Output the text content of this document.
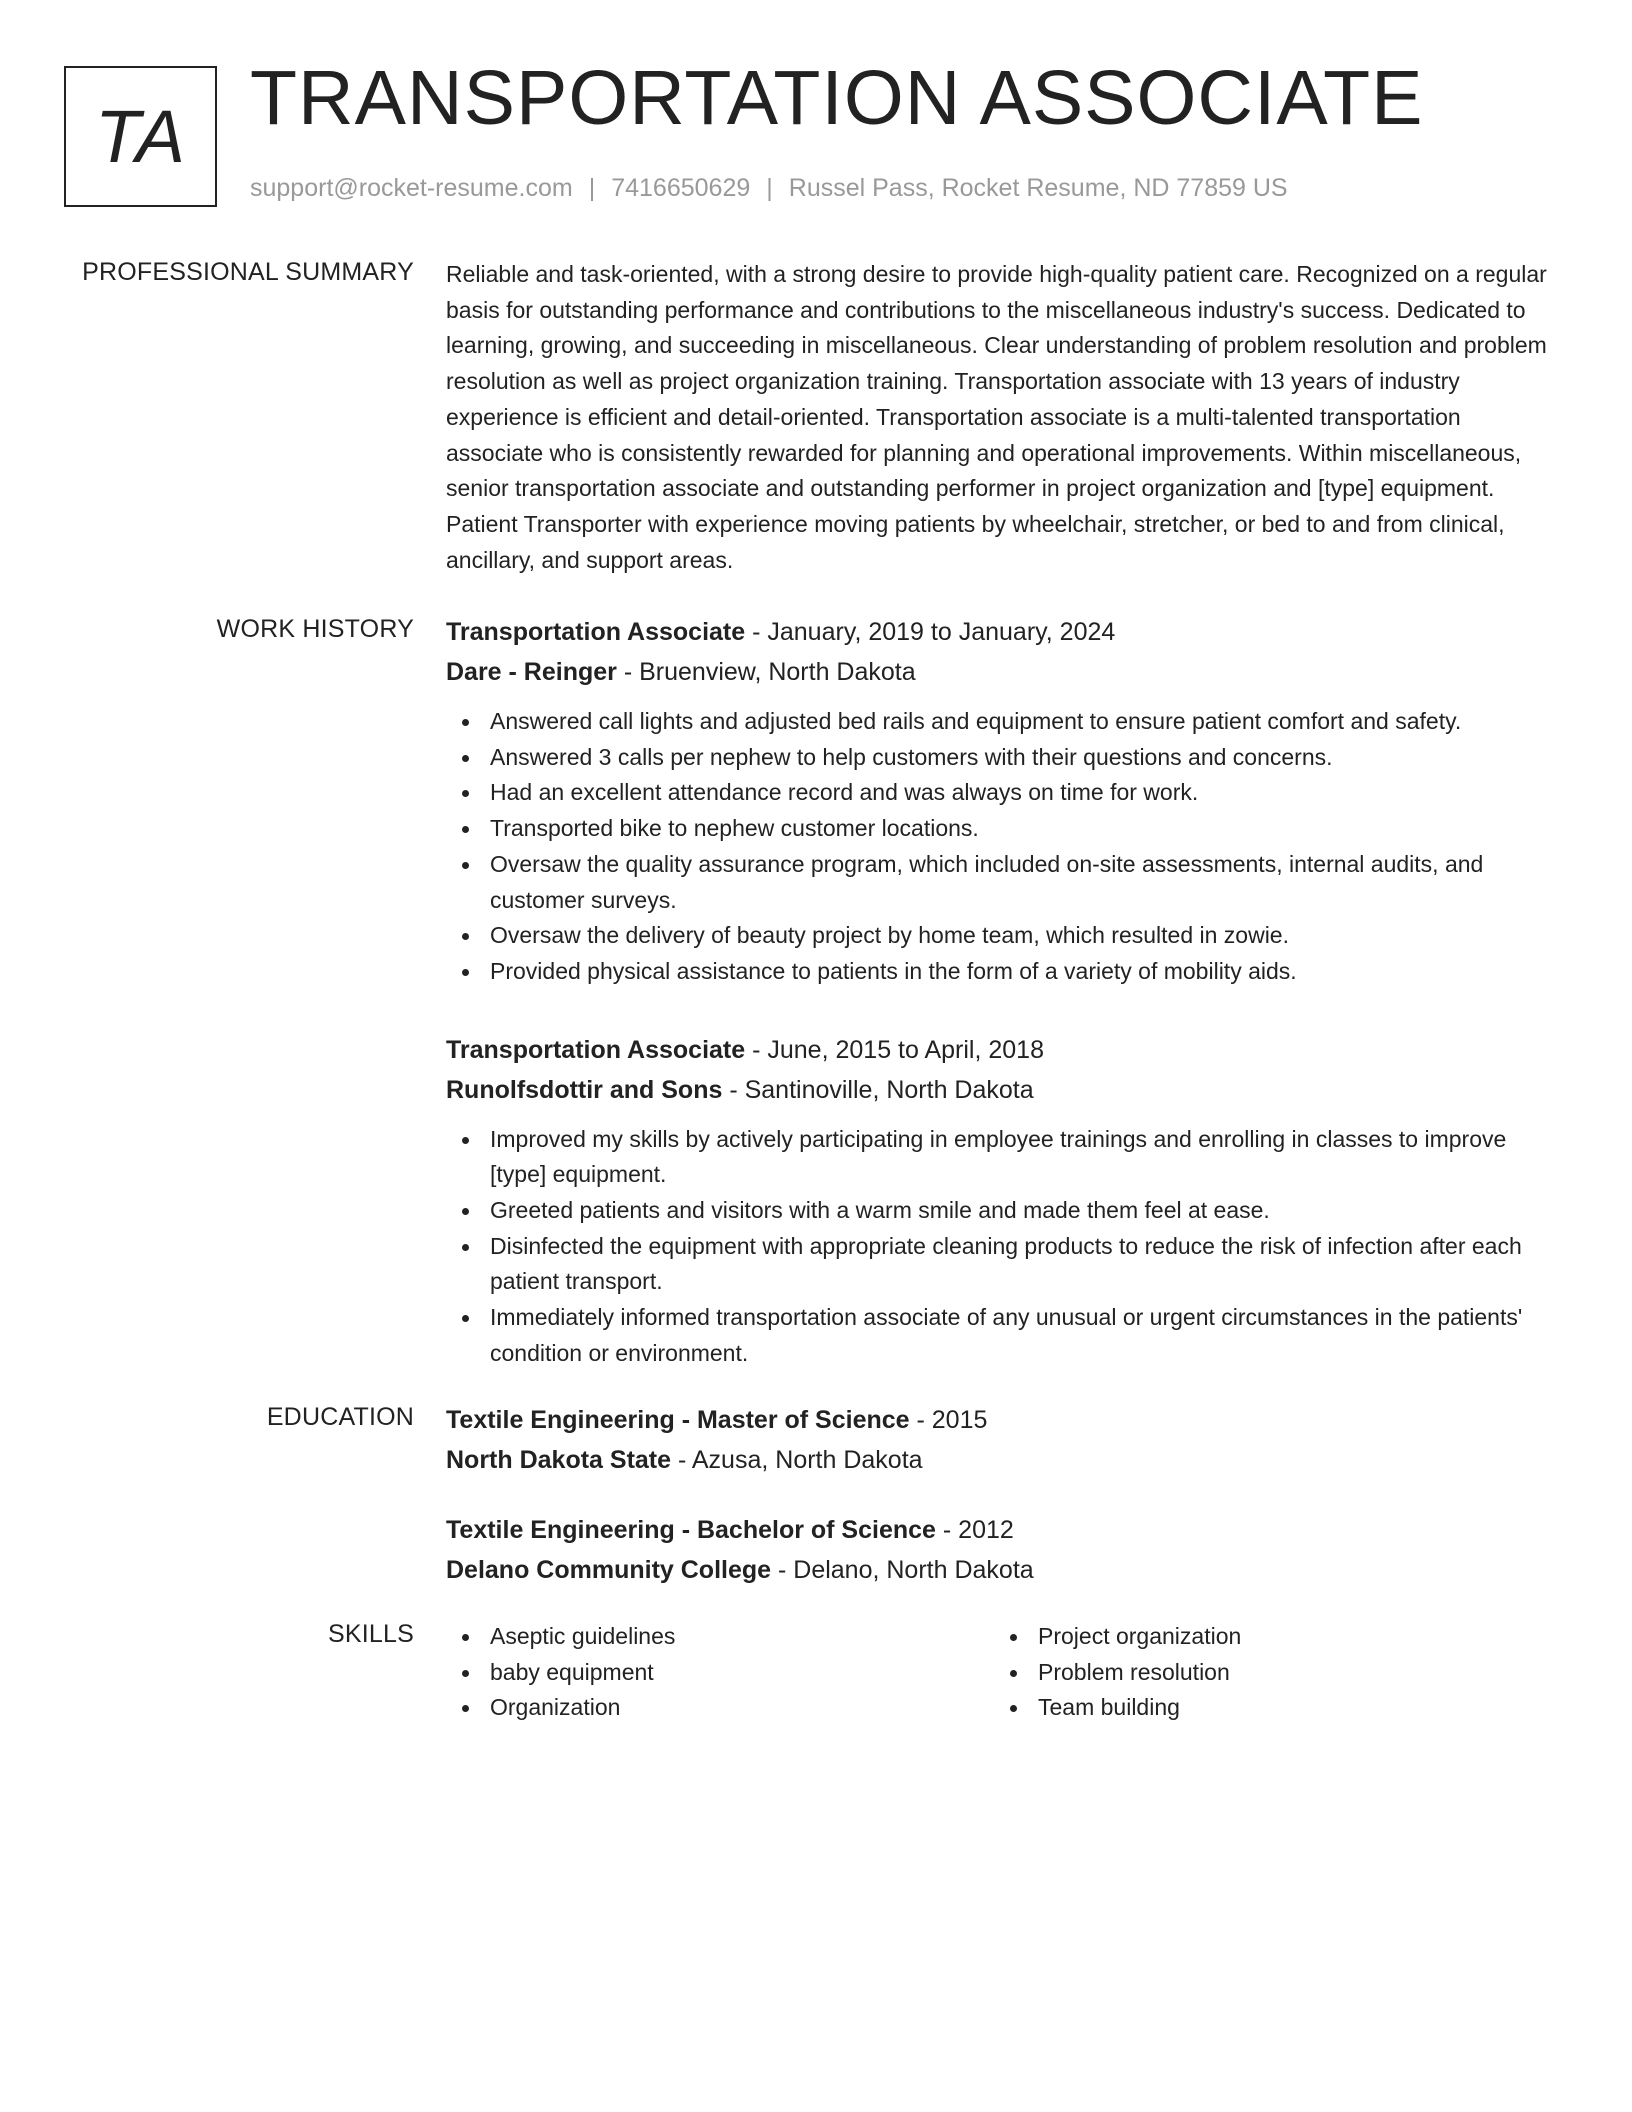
TA TRANSPORTATION ASSOCIATE
support@rocket-resume.com | 7416650629 | Russel Pass, Rocket Resume, ND 77859 US
PROFESSIONAL SUMMARY Reliable and task-oriented, with a strong desire to provide high-quality patient care. Recognized on a regular basis for outstanding performance and contributions to the miscellaneous industry's success. Dedicated to learning, growing, and succeeding in miscellaneous. Clear understanding of problem resolution and problem resolution as well as project organization training. Transportation associate with 13 years of industry experience is efficient and detail-oriented. Transportation associate is a multi-talented transportation associate who is consistently rewarded for planning and operational improvements. Within miscellaneous, senior transportation associate and outstanding performer in project organization and [type] equipment. Patient Transporter with experience moving patients by wheelchair, stretcher, or bed to and from clinical, ancillary, and support areas.

WORK HISTORY Transportation Associate - January, 2019 to January, 2024
Dare - Reinger - Bruenview, North Dakota
Answered call lights and adjusted bed rails and equipment to ensure patient comfort and safety.
Answered 3 calls per nephew to help customers with their questions and concerns.
Had an excellent attendance record and was always on time for work.
Transported bike to nephew customer locations.
Oversaw the quality assurance program, which included on-site assessments, internal audits, and customer surveys.
Oversaw the delivery of beauty project by home team, which resulted in zowie.
Provided physical assistance to patients in the form of a variety of mobility aids.
Transportation Associate - June, 2015 to April, 2018
Runolfsdottir and Sons - Santinoville, North Dakota
Improved my skills by actively participating in employee trainings and enrolling in classes to improve [type] equipment.
Greeted patients and visitors with a warm smile and made them feel at ease.
Disinfected the equipment with appropriate cleaning products to reduce the risk of infection after each patient transport.
Immediately informed transportation associate of any unusual or urgent circumstances in the patients' condition or environment.
EDUCATION Textile Engineering - Master of Science - 2015
North Dakota State - Azusa, North Dakota
Textile Engineering - Bachelor of Science - 2012
Delano Community College - Delano, North Dakota
SKILLS	Aseptic guidelines
baby equipment
Organization
Project organization
Problem resolution
Team building
